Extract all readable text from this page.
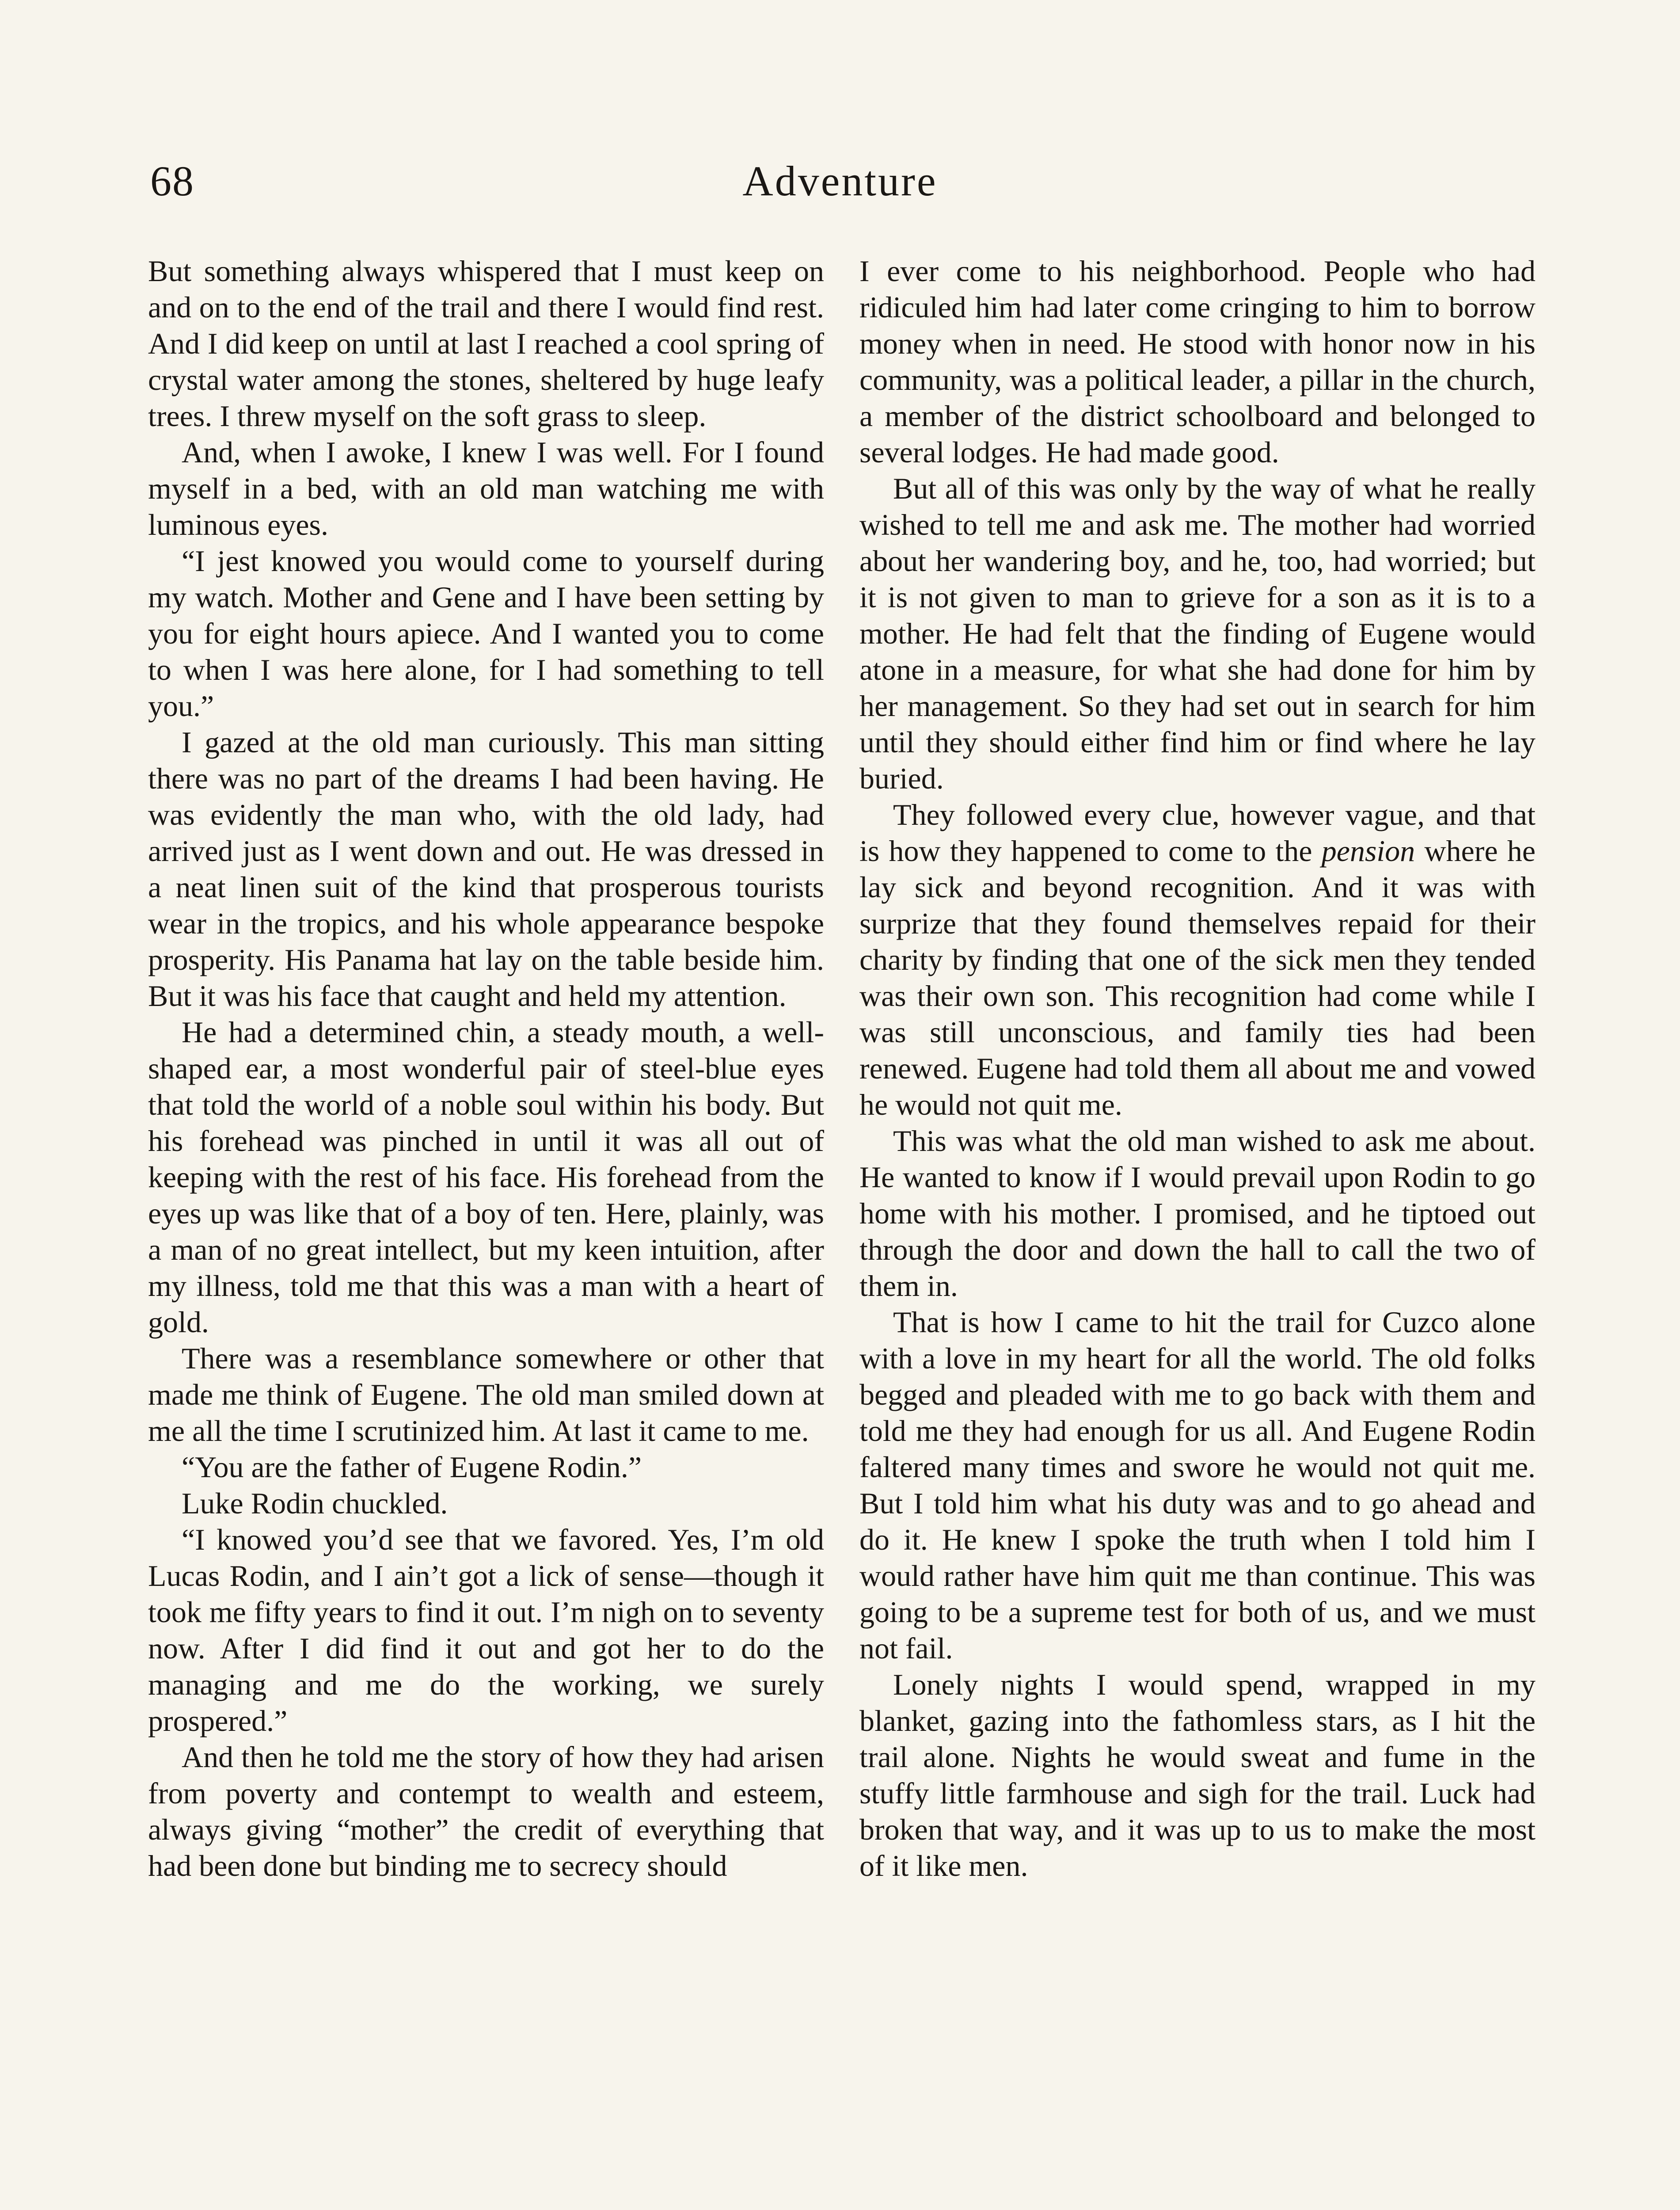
68	Adventure

But something always whispered that I must keep on and on to the end of the trail and there I would find rest. And I did keep on until at last I reached a cool spring of crystal water among the stones, sheltered by huge leafy trees. I threw myself on the soft grass to sleep.

And, when I awoke, I knew I was well. For I found myself in a bed, with an old man watching me with luminous eyes.

“I jest knowed you would come to yourself during my watch. Mother and Gene and I have been setting by you for eight hours apiece. And I wanted you to come to when I was here alone, for I had something to tell you.”

I gazed at the old man curiously. This man sitting there was no part of the dreams I had been having. He was evidently the man who, with the old lady, had arrived just as I went down and out. He was dressed in a neat linen suit of the kind that prosperous tourists wear in the tropics, and his whole appearance bespoke prosperity. His Panama hat lay on the table beside him. But it was his face that caught and held my attention.

He had a determined chin, a steady mouth, a well-shaped ear, a most wonderful pair of steel-blue eyes that told the world of a noble soul within his body. But his forehead was pinched in until it was all out of keeping with the rest of his face. His forehead from the eyes up was like that of a boy of ten. Here, plainly, was a man of no great intellect, but my keen intuition, after my illness, told me that this was a man with a heart of gold.

There was a resemblance somewhere or other that made me think of Eugene. The old man smiled down at me all the time I scrutinized him. At last it came to me.

“You are the father of Eugene Rodin.”

Luke Rodin chuckled.

“I knowed you’d see that we favored. Yes, I’m old Lucas Rodin, and I ain’t got a lick of sense—though it took me fifty years to find it out. I’m nigh on to seventy now. After I did find it out and got her to do the managing and me do the working, we surely prospered.”

And then he told me the story of how they had arisen from poverty and contempt to wealth and esteem, always giving “mother” the credit of everything that had been done but binding me to secrecy should

I ever come to his neighborhood. People who had ridiculed him had later come cringing to him to borrow money when in need. He stood with honor now in his community, was a political leader, a pillar in the church, a member of the district schoolboard and belonged to several lodges. He had made good.

But all of this was only by the way of what he really wished to tell me and ask me. The mother had worried about her wandering boy, and he, too, had worried; but it is not given to man to grieve for a son as it is to a mother. He had felt that the finding of Eugene would atone in a measure, for what she had done for him by her management. So they had set out in search for him until they should either find him or find where he lay buried.

They followed every clue, however vague, and that is how they happened to come to the pension where he lay sick and beyond recognition. And it was with surprize that they found themselves repaid for their charity by finding that one of the sick men they tended was their own son. This recognition had come while I was still unconscious, and family ties had been renewed. Eugene had told them all about me and vowed he would not quit me.

This was what the old man wished to ask me about. He wanted to know if I would prevail upon Rodin to go home with his mother. I promised, and he tiptoed out through the door and down the hall to call the two of them in.

That is how I came to hit the trail for Cuzco alone with a love in my heart for all the world. The old folks begged and pleaded with me to go back with them and told me they had enough for us all. And Eugene Rodin faltered many times and swore he would not quit me. But I told him what his duty was and to go ahead and do it. He knew I spoke the truth when I told him I would rather have him quit me than continue. This was going to be a supreme test for both of us, and we must not fail.

Lonely nights I would spend, wrapped in my blanket, gazing into the fathomless stars, as I hit the trail alone. Nights he would sweat and fume in the stuffy little farmhouse and sigh for the trail. Luck had broken that way, and it was up to us to make the most of it like men.
